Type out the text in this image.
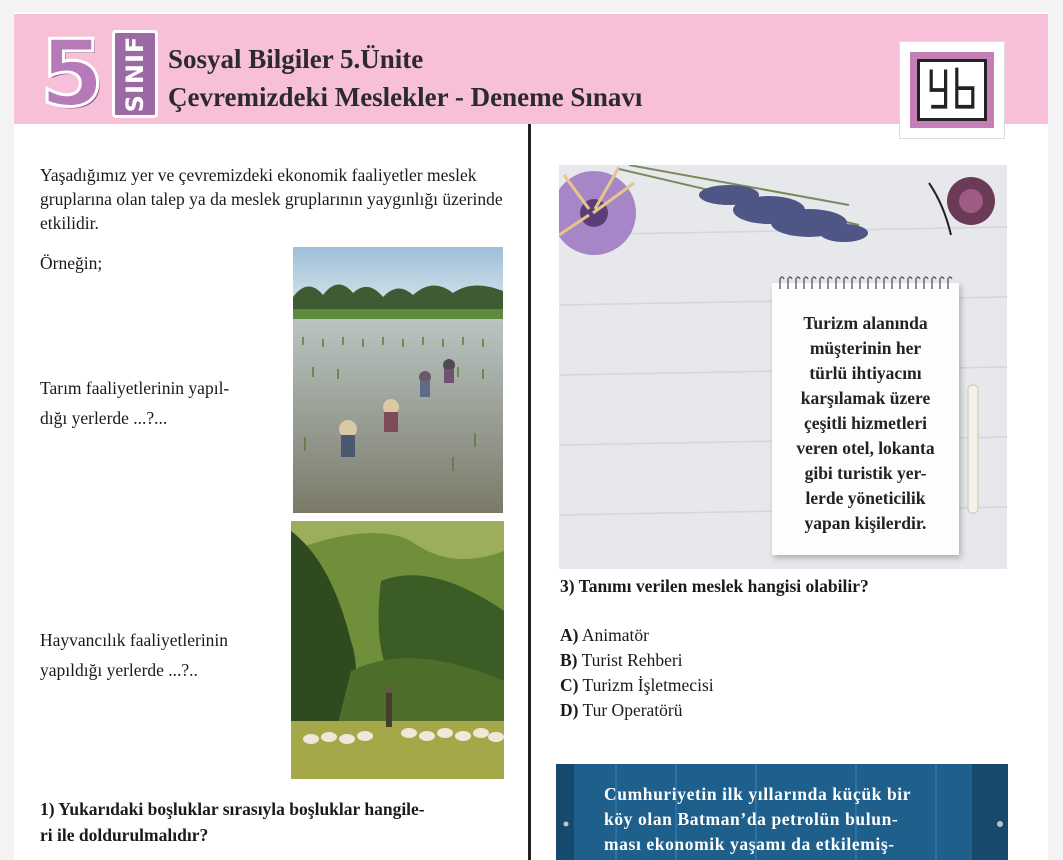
5 SINIF Sosyal Bilgiler 5.Ünite
Çevremizdeki Meslekler - Deneme Sınavı

Yaşadığımız yer ve çevremizdeki ekonomik faaliyetler meslek gruplarına olan talep ya da meslek gruplarının yaygınlığı üzerinde etkilidir.

Örneğin;

Tarım faaliyetlerinin yapıl-
dığı yerlerde ...?...
Hayvancılık faaliyetlerinin
yapıldığı yerlerde ...?..
1) Yukarıdaki boşluklar sırasıyla boşluklar hangile-
ri ile doldurulmalıdır?
Turizm alanında
müşterinin her
türlü ihtiyacını
karşılamak üzere
çeşitli hizmetleri
veren otel, lokanta
gibi turistik yer-
lerde yöneticilik
yapan kişilerdir.
3) Tanımı verilen meslek hangisi olabilir?
A) Animatör
B) Turist Rehberi
C) Turizm İşletmecisi
D) Tur Operatörü
Cumhuriyetin ilk yıllarında küçük bir
köy olan Batman’da petrolün bulun-
ması ekonomik yaşamı da etkilemiş-
